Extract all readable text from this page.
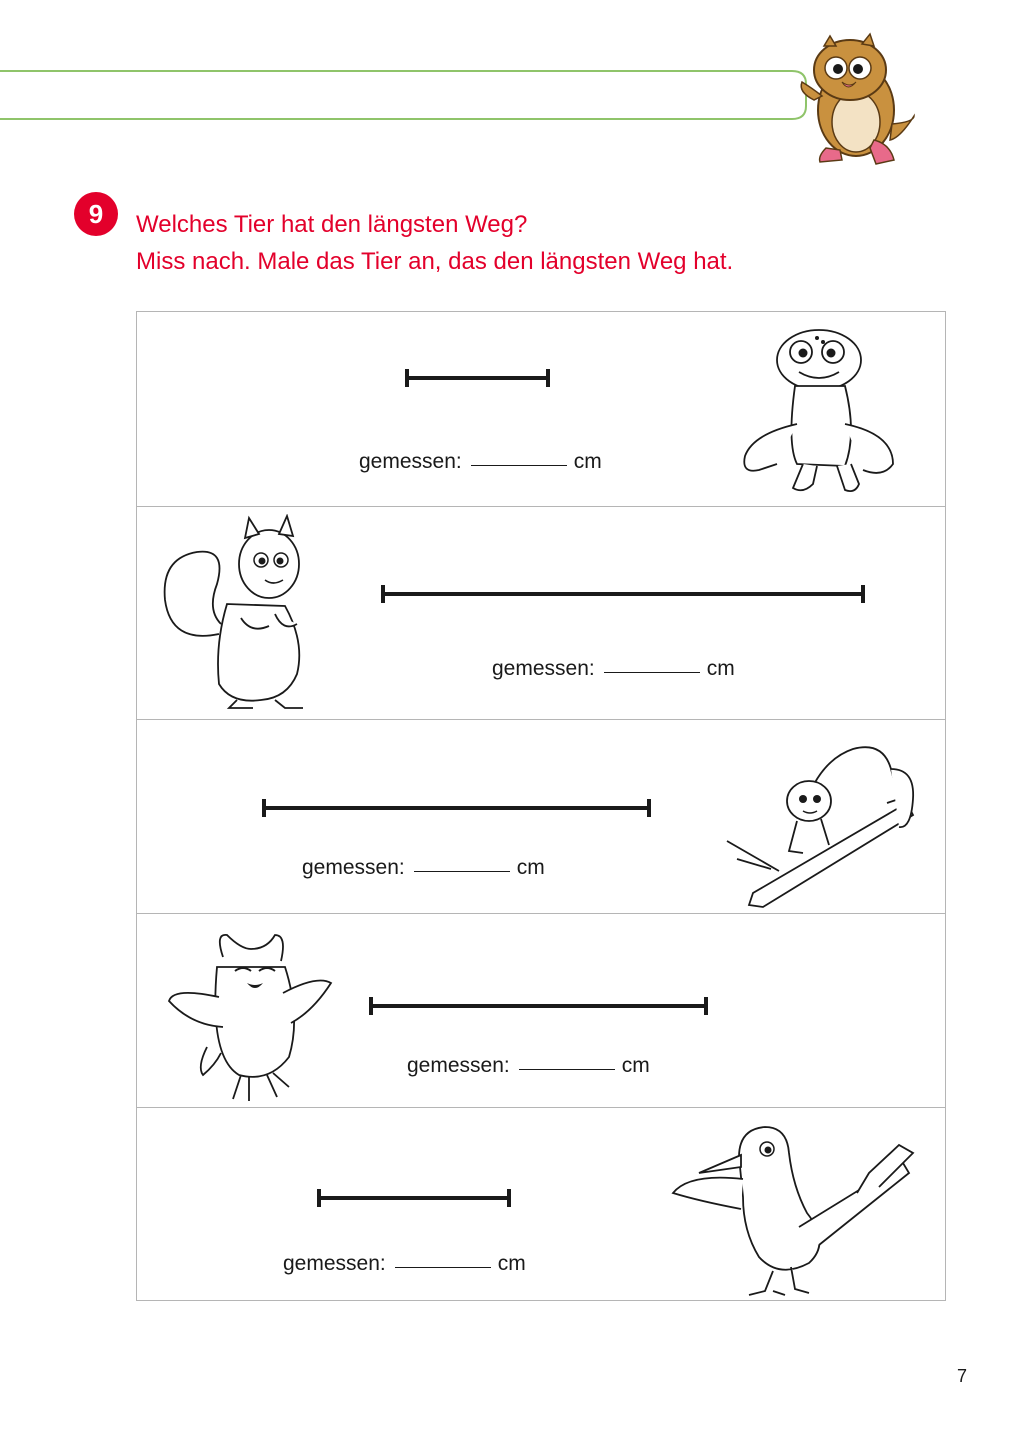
9	Welches Tier hat den längsten Weg?
Miss nach. Male das Tier an, das den längsten Weg hat.
gemessen:	cm
gemessen:	cm
gemessen:	cm
gemessen:	cm
gemessen:	cm
7
